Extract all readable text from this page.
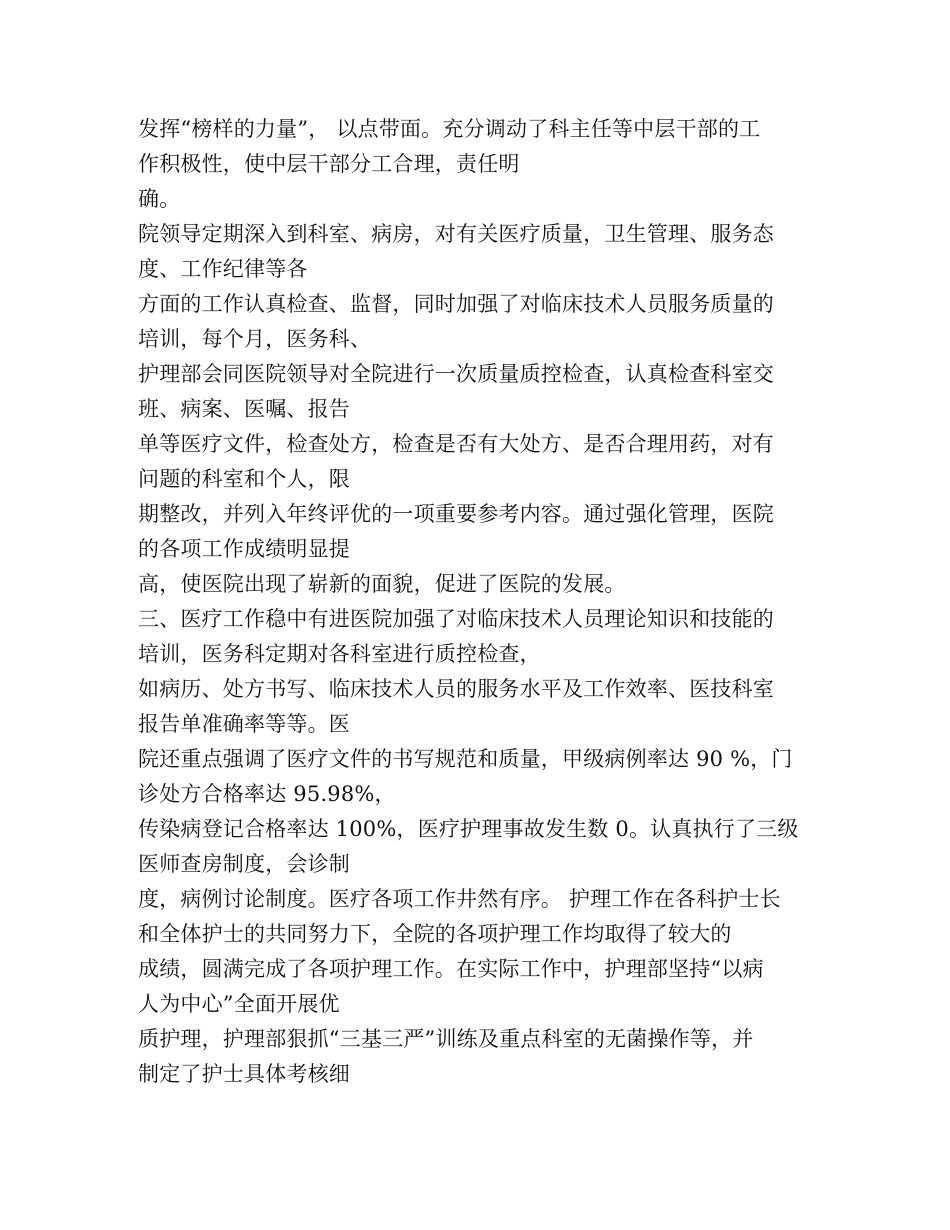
发挥“榜样的力量”， 以点带面。充分调动了科主任等中层干部的工
作积极性，使中层干部分工合理，责任明
确。
院领导定期深入到科室、病房，对有关医疗质量，卫生管理、服务态
度、工作纪律等各
方面的工作认真检查、监督，同时加强了对临床技术人员服务质量的
培训，每个月，医务科、
护理部会同医院领导对全院进行一次质量质控检查，认真检查科室交
班、病案、医嘱、报告
单等医疗文件，检查处方，检查是否有大处方、是否合理用药，对有
问题的科室和个人，限
期整改，并列入年终评优的一项重要参考内容。通过强化管理，医院
的各项工作成绩明显提
高，使医院出现了崭新的面貌，促进了医院的发展。
三、医疗工作稳中有进医院加强了对临床技术人员理论知识和技能的
培训，医务科定期对各科室进行质控检查，
如病历、处方书写、临床技术人员的服务水平及工作效率、医技科室
报告单准确率等等。医
院还重点强调了医疗文件的书写规范和质量，甲级病例率达 90 %，门
诊处方合格率达 95.98%，
传染病登记合格率达 100%，医疗护理事故发生数 0。认真执行了三级
医师查房制度，会诊制
度，病例讨论制度。医疗各项工作井然有序。 护理工作在各科护士长
和全体护士的共同努力下，全院的各项护理工作均取得了较大的
成绩，圆满完成了各项护理工作。在实际工作中，护理部坚持“以病
人为中心”全面开展优
质护理，护理部狠抓“三基三严”训练及重点科室的无菌操作等，并
制定了护士具体考核细
